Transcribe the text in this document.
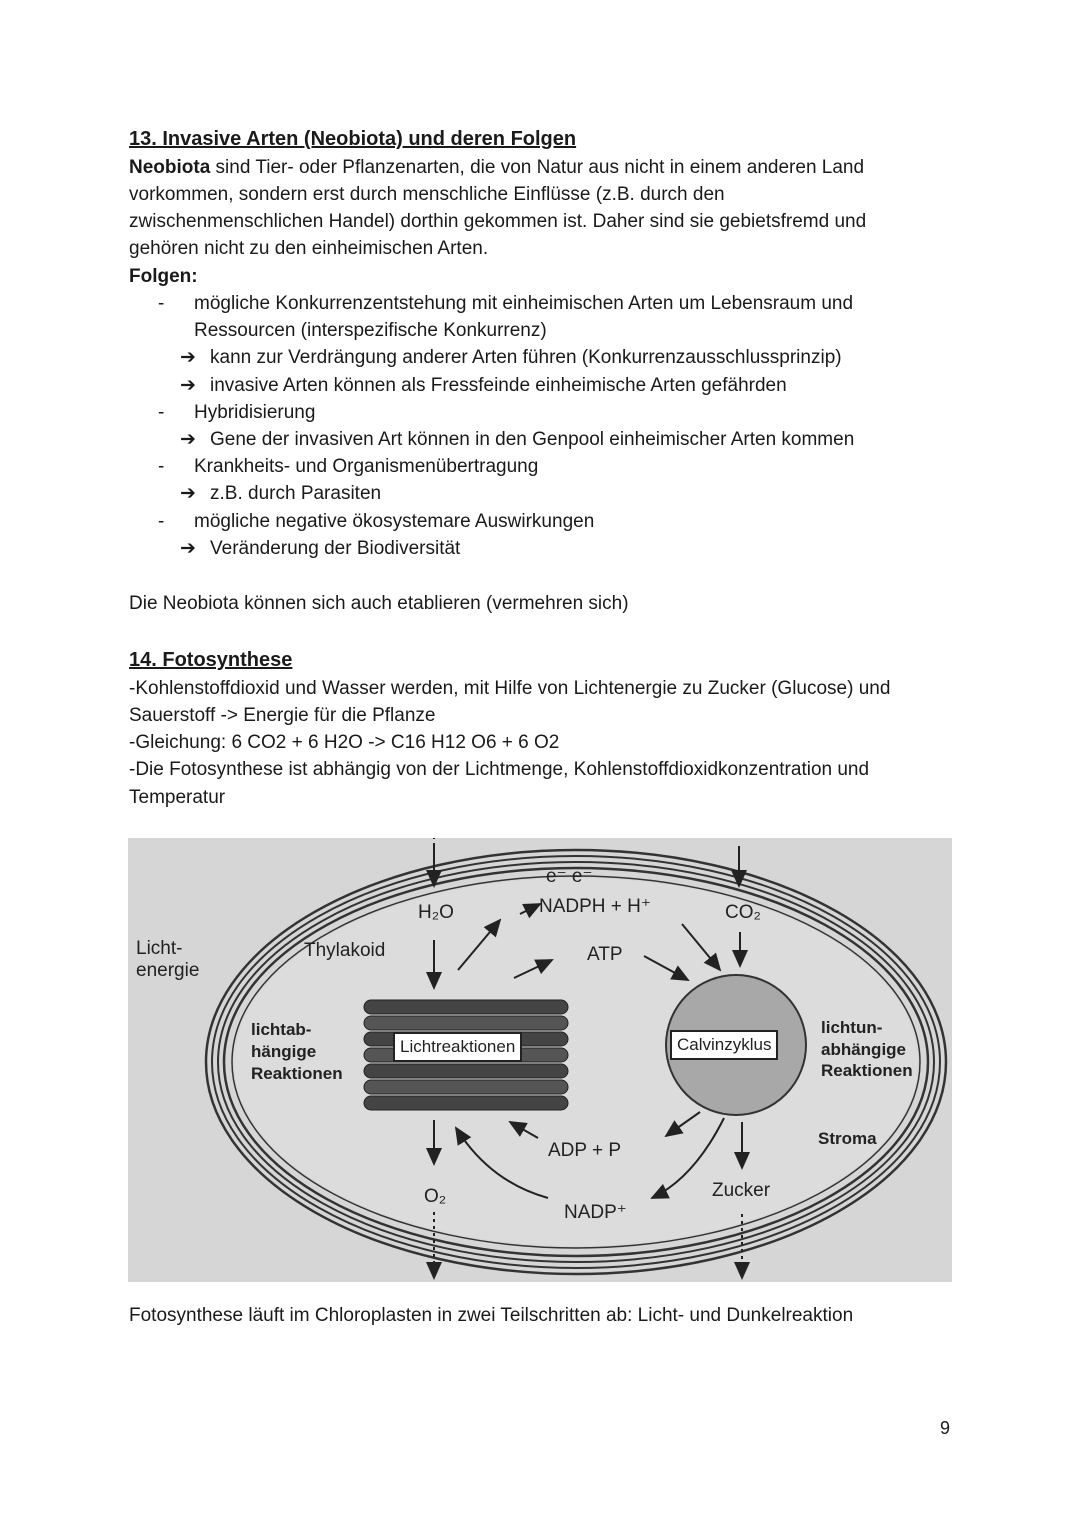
13. Invasive Arten (Neobiota) und deren Folgen
Neobiota sind Tier- oder Pflanzenarten, die von Natur aus nicht in einem anderen Land
vorkommen, sondern erst durch menschliche Einflüsse (z.B. durch den
zwischenmenschlichen Handel) dorthin gekommen ist. Daher sind sie gebietsfremd und
gehören nicht zu den einheimischen Arten.
Folgen:
- mögliche Konkurrenzentstehung mit einheimischen Arten um Lebensraum und
Ressourcen (interspezifische Konkurrenz)
➔ kann zur Verdrängung anderer Arten führen (Konkurrenzausschlussprinzip)
➔ invasive Arten können als Fressfeinde einheimische Arten gefährden
- Hybridisierung
➔ Gene der invasiven Art können in den Genpool einheimischer Arten kommen
- Krankheits- und Organismenübertragung
➔ z.B. durch Parasiten
- mögliche negative ökosystemare Auswirkungen
➔ Veränderung der Biodiversität
Die Neobiota können sich auch etablieren (vermehren sich)
14. Fotosynthese
-Kohlenstoffdioxid und Wasser werden, mit Hilfe von Lichtenergie zu Zucker (Glucose) und
Sauerstoff -> Energie für die Pflanze
-Gleichung: 6 CO2 + 6 H2O -> C16 H12 O6 + 6 O2
-Die Fotosynthese ist abhängig von der Lichtmenge, Kohlenstoffdioxidkonzentration und
Temperatur
Licht-
energie
Thylakoid
lichtab-
hängige
Reaktionen
Lichtreaktionen	Calvinzyklus
lichtun-
abhängige
Reaktionen
Stroma
H₂O
e⁻ e⁻
NADPH + H⁺	CO₂
ATP
ADP + P
O₂
NADP⁺
Zucker
Fotosynthese läuft im Chloroplasten in zwei Teilschritten ab: Licht- und Dunkelreaktion
9
